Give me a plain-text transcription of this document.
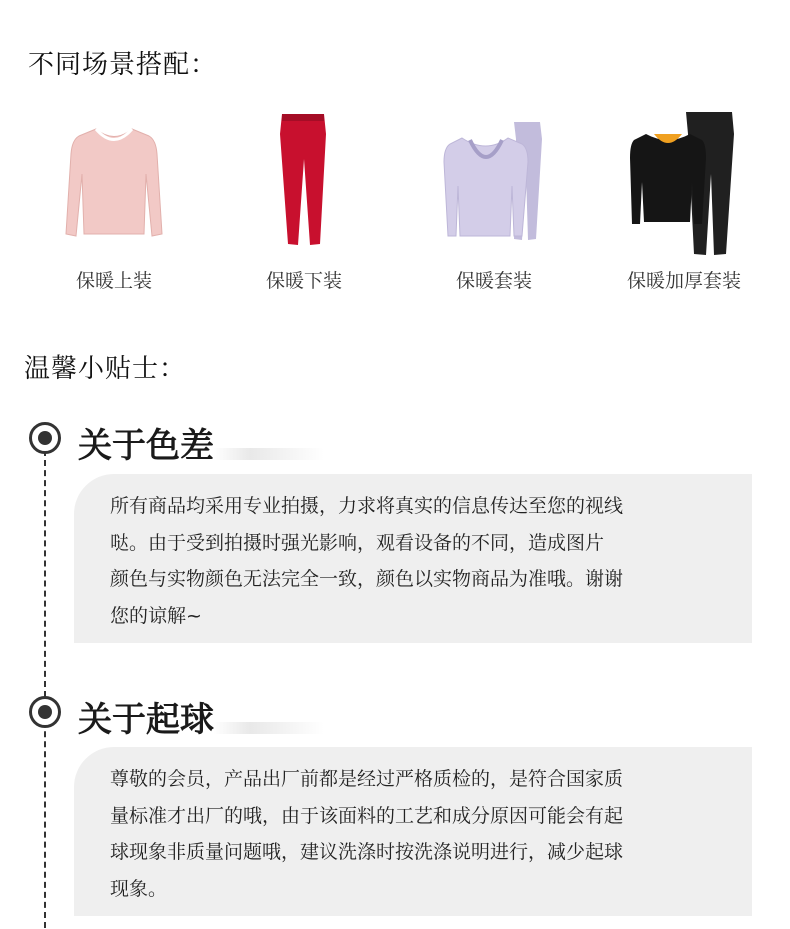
不同场景搭配：
保暖上装	保暖下装	保暖套装	保暖加厚套装
温馨小贴士：
关于色差

所有商品均采用专业拍摄，力求将真实的信息传达至您的视线

哒。由于受到拍摄时强光影响，观看设备的不同，造成图片

颜色与实物颜色无法完全一致，颜色以实物商品为准哦。谢谢

您的谅解~

关于起球

尊敬的会员，产品出厂前都是经过严格质检的，是符合国家质

量标准才出厂的哦，由于该面料的工艺和成分原因可能会有起

球现象非质量问题哦，建议洗涤时按洗涤说明进行，减少起球

现象。
